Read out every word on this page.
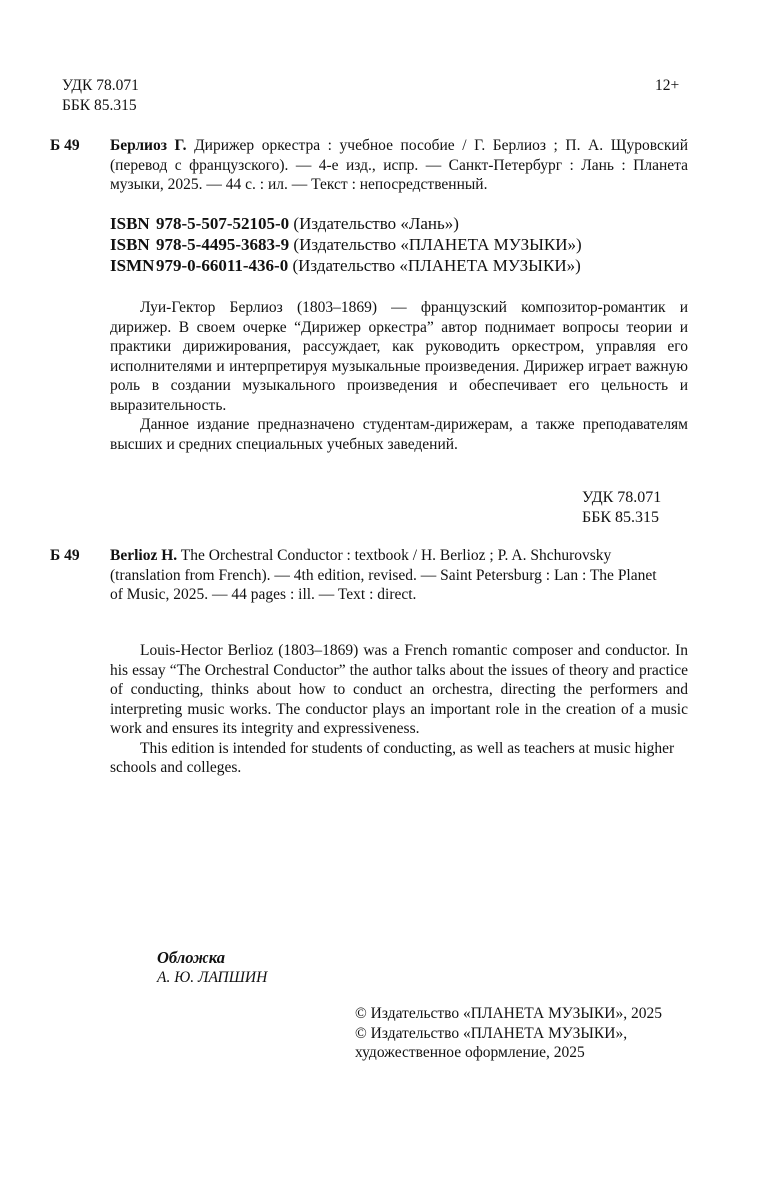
УДК 78.071
ББК 85.315
12+
Б 49 Берлиоз Г. Дирижер оркестра : учебное пособие / Г. Берлиоз ; П. А. Щуровский (перевод с французского). — 4-е изд., испр. — Санкт-Петербург : Лань : Планета музыки, 2025. — 44 с. : ил. — Текст : непосредственный.

ISBN 978-5-507-52105-0 (Издательство «Лань»)
ISBN 978-5-4495-3683-9 (Издательство «ПЛАНЕТА МУЗЫКИ»)
ISMN979-0-66011-436-0 (Издательство «ПЛАНЕТА МУЗЫКИ»)

Луи-Гектор Берлиоз (1803–1869) — французский композитор-романтик и дирижер. В своем очерке “Дирижер оркестра” автор поднимает вопросы теории и практики дирижирования, рассуждает, как руководить оркестром, управляя его исполнителями и интерпретируя музыкальные произведения. Дирижер играет важную роль в создании музыкального произведения и обеспечивает его цельность и выразительность.

Данное издание предназначено студентам-дирижерам, а также преподавателям высших и средних специальных учебных заведений.

УДК 78.071
ББК 85.315
Б 49 Berlioz H. The Orchestral Conductor : textbook / H. Berlioz ; P. A. Shchurovsky (translation from French). — 4th edition, revised. — Saint Petersburg : Lan : The Planet of Music, 2025. — 44 pages : ill. — Text : direct.

Louis-Hector Berlioz (1803–1869) was a French romantic composer and conductor. In his essay “The Orchestral Conductor” the author talks about the issues of theory and practice of conducting, thinks about how to conduct an orchestra, directing the performers and interpreting music works. The conductor plays an important role in the creation of a music work and ensures its integrity and expressiveness.

This edition is intended for students of conducting, as well as teachers at music higher schools and colleges.

Обложка
А. Ю. ЛАПШИН
© Издательство «ПЛАНЕТА МУЗЫКИ», 2025
© Издательство «ПЛАНЕТА МУЗЫКИ»,
художественное оформление, 2025
